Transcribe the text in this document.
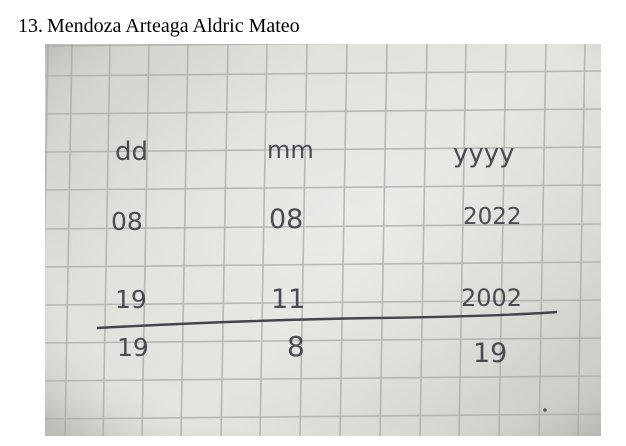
13. Mendoza Arteaga Aldric Mateo
dd	mm	yyyy
08	08	2022
19	11	2002
19	8	19
